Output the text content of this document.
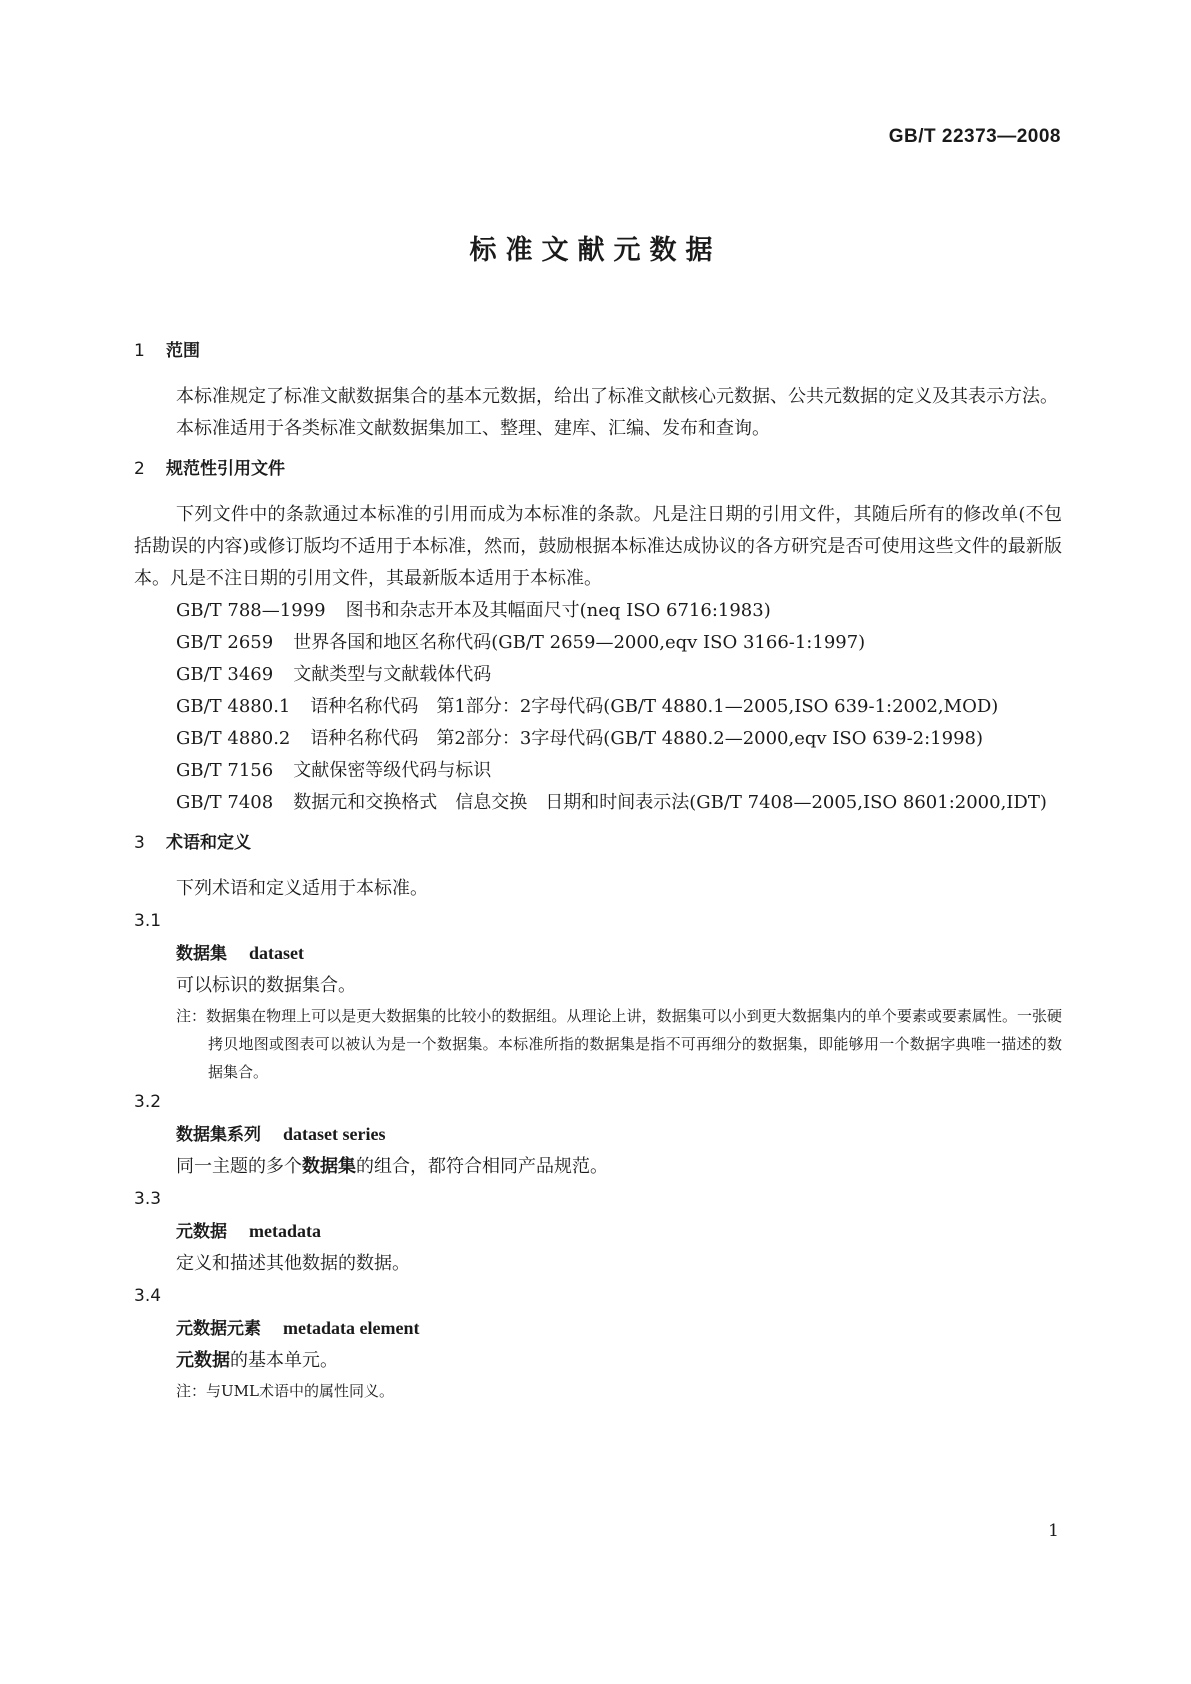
GB/T 22373—2008
标准文献元数据
1 范围

本标准规定了标准文献数据集合的基本元数据，给出了标准文献核心元数据、公共元数据的定义及其表示方法。

本标准适用于各类标准文献数据集加工、整理、建库、汇编、发布和查询。

2 规范性引用文件

下列文件中的条款通过本标准的引用而成为本标准的条款。凡是注日期的引用文件，其随后所有的修改单(不包括勘误的内容)或修订版均不适用于本标准，然而，鼓励根据本标准达成协议的各方研究是否可使用这些文件的最新版本。凡是不注日期的引用文件，其最新版本适用于本标准。

GB/T 788—1999 图书和杂志开本及其幅面尺寸(neq ISO 6716:1983)

GB/T 2659 世界各国和地区名称代码(GB/T 2659—2000,eqv ISO 3166-1:1997)

GB/T 3469 文献类型与文献载体代码

GB/T 4880.1 语种名称代码　第1部分：2字母代码(GB/T 4880.1—2005,ISO 639-1:2002,MOD)

GB/T 4880.2 语种名称代码　第2部分：3字母代码(GB/T 4880.2—2000,eqv ISO 639-2:1998)

GB/T 7156 文献保密等级代码与标识

GB/T 7408 数据元和交换格式　信息交换　日期和时间表示法(GB/T 7408—2005,ISO 8601:2000,IDT)

3 术语和定义

下列术语和定义适用于本标准。

3.1

数据集 dataset

可以标识的数据集合。

注：数据集在物理上可以是更大数据集的比较小的数据组。从理论上讲，数据集可以小到更大数据集内的单个要素或要素属性。一张硬拷贝地图或图表可以被认为是一个数据集。本标准所指的数据集是指不可再细分的数据集，即能够用一个数据字典唯一描述的数据集合。

3.2

数据集系列 dataset series

同一主题的多个数据集的组合，都符合相同产品规范。

3.3

元数据 metadata

定义和描述其他数据的数据。

3.4

元数据元素 metadata element

元数据的基本单元。

注：与UML术语中的属性同义。

1
